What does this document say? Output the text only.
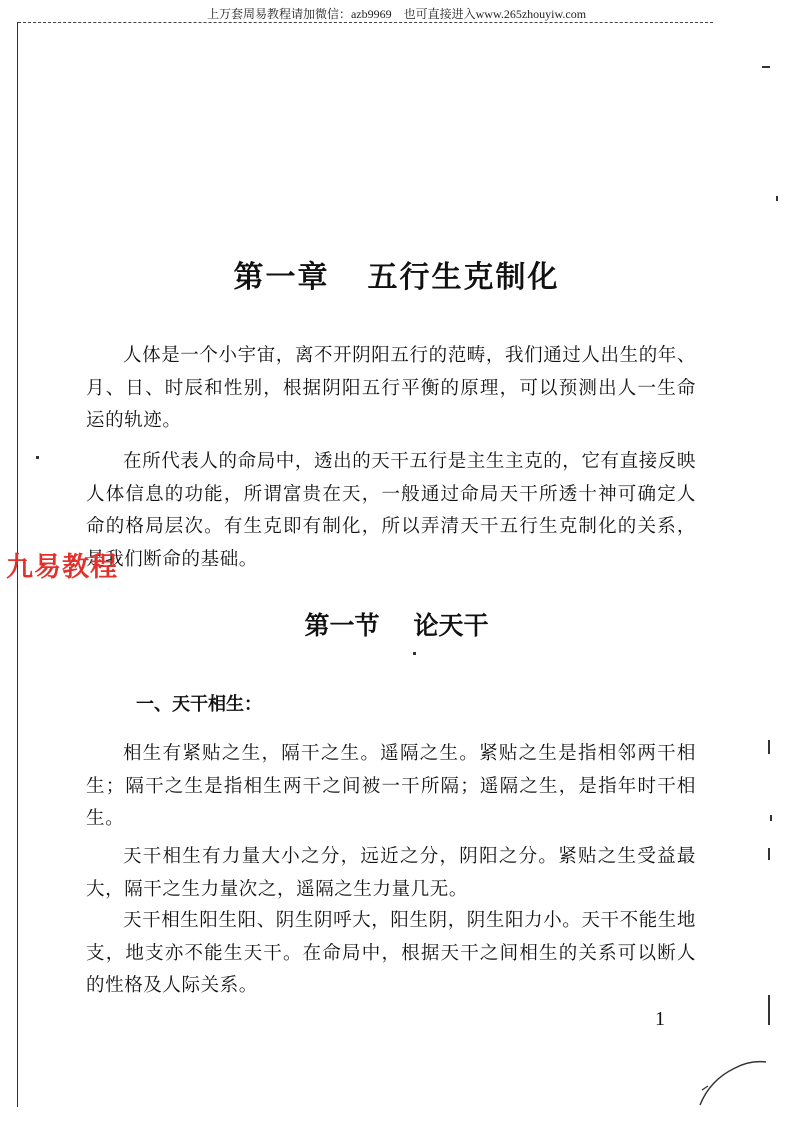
上万套周易教程请加微信：azb9969　也可直接进入www.265zhouyiw.com
第一章 五行生克制化
人体是一个小宇宙，离不开阴阳五行的范畴，我们通过人出生的年、月、日、时辰和性别，根据阴阳五行平衡的原理，可以预测出人一生命运的轨迹。
在所代表人的命局中，透出的天干五行是主生主克的，它有直接反映人体信息的功能，所谓富贵在天，一般通过命局天干所透十神可确定人命的格局层次。有生克即有制化，所以弄清天干五行生克制化的关系，是我们断命的基础。
九易教程
第一节 论天干
一、天干相生：
相生有紧贴之生，隔干之生。遥隔之生。紧贴之生是指相邻两干相生；隔干之生是指相生两干之间被一干所隔；遥隔之生，是指年时干相生。
天干相生有力量大小之分，远近之分，阴阳之分。紧贴之生受益最大，隔干之生力量次之，遥隔之生力量几无。
天干相生阳生阳、阴生阴呼大，阳生阴，阴生阳力小。天干不能生地支，地支亦不能生天干。在命局中，根据天干之间相生的关系可以断人的性格及人际关系。
1
